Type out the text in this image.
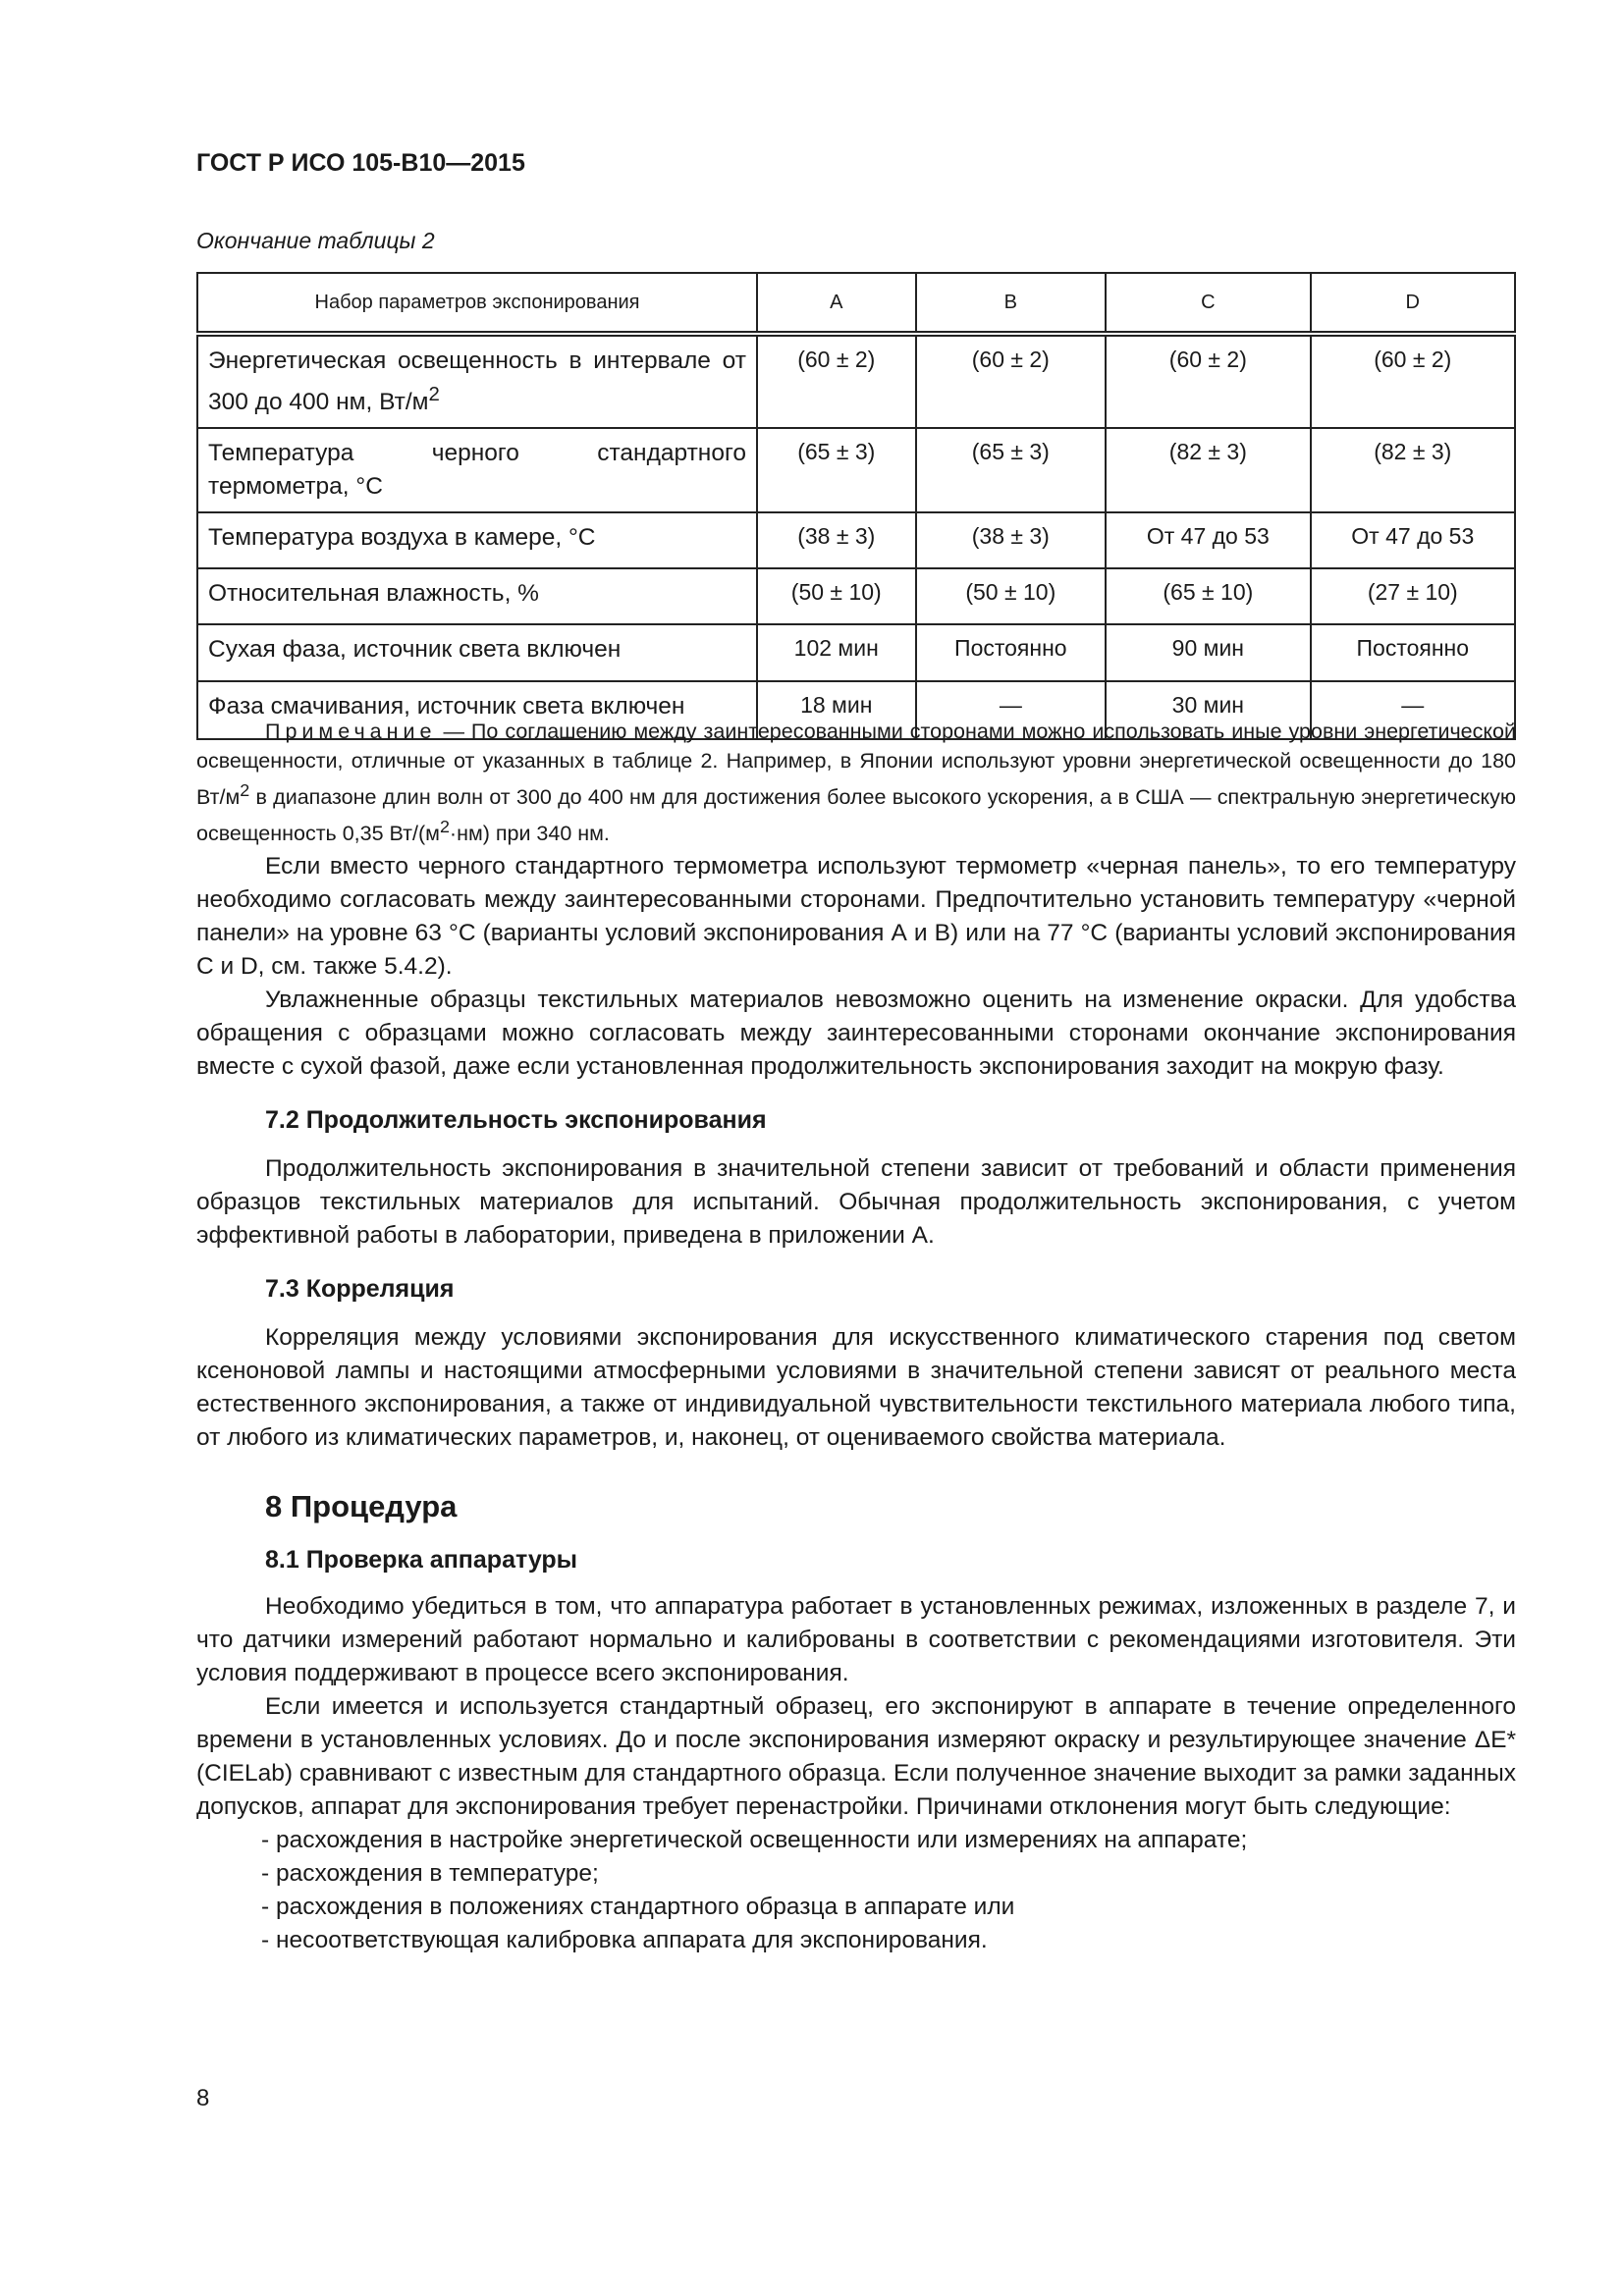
ГОСТ Р ИСО 105-B10—2015
Окончание таблицы 2
Набор параметров экспонирования	A	B	C	D
Энергетическая освещенность в интервале от 300 до 400 нм, $Вт/м^2$	(60 ± 2)	(60 ± 2)	(60 ± 2)	(60 ± 2)
Температура черного стандартного термометра, °C	(65 ± 3)	(65 ± 3)	(82 ± 3)	(82 ± 3)
Температура воздуха в камере, °C	(38 ± 3)	(38 ± 3)	От 47 до 53	От 47 до 53
Относительная влажность, %	(50 ± 10)	(50 ± 10)	(65 ± 10)	(27 ± 10)
Сухая фаза, источник света включен	102 мин	Постоянно	90 мин	Постоянно
Фаза смачивания, источник света включен	18 мин	—	30 мин	—
Примечание — По соглашению между заинтересованными сторонами можно использовать иные уровни энергетической освещенности, отличные от указанных в таблице 2. Например, в Японии используют уровни энергетической освещенности до 180 $Вт/м^2$ в диапазоне длин волн от 300 до 400 нм для достижения более высокого ускорения, а в США — спектральную энергетическую освещенность 0,35 $Вт/(м^2\cdot нм)$ при 340 нм.

Если вместо черного стандартного термометра используют термометр «черная панель», то его температуру необходимо согласовать между заинтересованными сторонами. Предпочтительно установить температуру «черной панели» на уровне 63 °С (варианты условий экспонирования А и В) или на 77 °С (варианты условий экспонирования С и D, см. также 5.4.2).

Увлажненные образцы текстильных материалов невозможно оценить на изменение окраски. Для удобства обращения с образцами можно согласовать между заинтересованными сторонами окончание экспонирования вместе с сухой фазой, даже если установленная продолжительность экспонирования заходит на мокрую фазу.

7.2 Продолжительность экспонирования

Продолжительность экспонирования в значительной степени зависит от требований и области применения образцов текстильных материалов для испытаний. Обычная продолжительность экспонирования, с учетом эффективной работы в лаборатории, приведена в приложении А.

7.3 Корреляция

Корреляция между условиями экспонирования для искусственного климатического старения под светом ксеноновой лампы и настоящими атмосферными условиями в значительной степени зависят от реального места естественного экспонирования, а также от индивидуальной чувствительности текстильного материала любого типа, от любого из климатических параметров, и, наконец, от оцениваемого свойства материала.

8 Процедура
8.1 Проверка аппаратуры

Необходимо убедиться в том, что аппаратура работает в установленных режимах, изложенных в разделе 7, и что датчики измерений работают нормально и калиброваны в соответствии с рекомендациями изготовителя. Эти условия поддерживают в процессе всего экспонирования.

Если имеется и используется стандартный образец, его экспонируют в аппарате в течение определенного времени в установленных условиях. До и после экспонирования измеряют окраску и результирующее значение ΔE*(CIELab) сравнивают с известным для стандартного образца. Если полученное значение выходит за рамки заданных допусков, аппарат для экспонирования требует перенастройки. Причинами отклонения могут быть следующие:

- расхождения в настройке энергетической освещенности или измерениях на аппарате;
- расхождения в температуре;
- расхождения в положениях стандартного образца в аппарате или
- несоответствующая калибровка аппарата для экспонирования.
8
